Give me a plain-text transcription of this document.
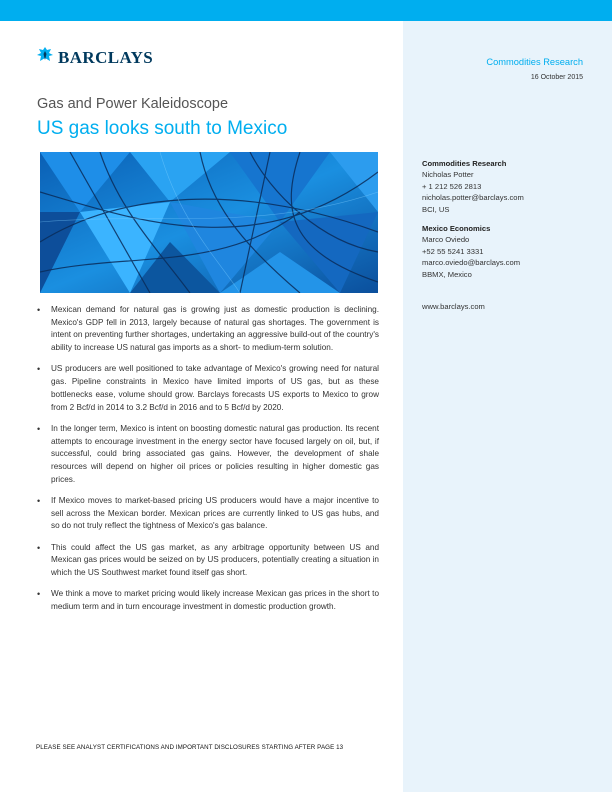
BARCLAYS	Commodities Research
16 October 2015
Gas and Power Kaleidoscope
US gas looks south to Mexico
• Mexican demand for natural gas is growing just as domestic production is declining. Mexico's GDP fell in 2013, largely because of natural gas shortages. The government is intent on preventing further shortages, undertaking an aggressive build-out of the country's ability to increase US natural gas imports as a short- to medium-term solution.
• US producers are well positioned to take advantage of Mexico's growing need for natural gas. Pipeline constraints in Mexico have limited imports of US gas, but as these bottlenecks ease, volume should grow. Barclays forecasts US exports to Mexico to grow from 2 Bcf/d in 2014 to 3.2 Bcf/d in 2016 and to 5 Bcf/d by 2020.
• In the longer term, Mexico is intent on boosting domestic natural gas production. Its recent attempts to encourage investment in the energy sector have focused largely on oil, but, if successful, could bring associated gas gains. However, the development of shale resources will depend on higher oil prices or policies resulting in higher domestic gas prices.
• If Mexico moves to market-based pricing US producers would have a major incentive to sell across the Mexican border. Mexican prices are currently linked to US gas hubs, and so do not truly reflect the tightness of Mexico's gas balance.
• This could affect the US gas market, as any arbitrage opportunity between US and Mexican gas prices would be seized on by US producers, potentially creating a situation in which the US Southwest market found itself gas short.
• We think a move to market pricing would likely increase Mexican gas prices in the short to medium term and in turn encourage investment in domestic production growth.
Commodities Research
Nicholas Potter
+ 1 212 526 2813
nicholas.potter@barclays.com
BCI, US
Mexico Economics
Marco Oviedo
+52 55 5241 3331
marco.oviedo@barclays.com
BBMX, Mexico
www.barclays.com
PLEASE SEE ANALYST CERTIFICATIONS AND IMPORTANT DISCLOSURES STARTING AFTER PAGE 13
